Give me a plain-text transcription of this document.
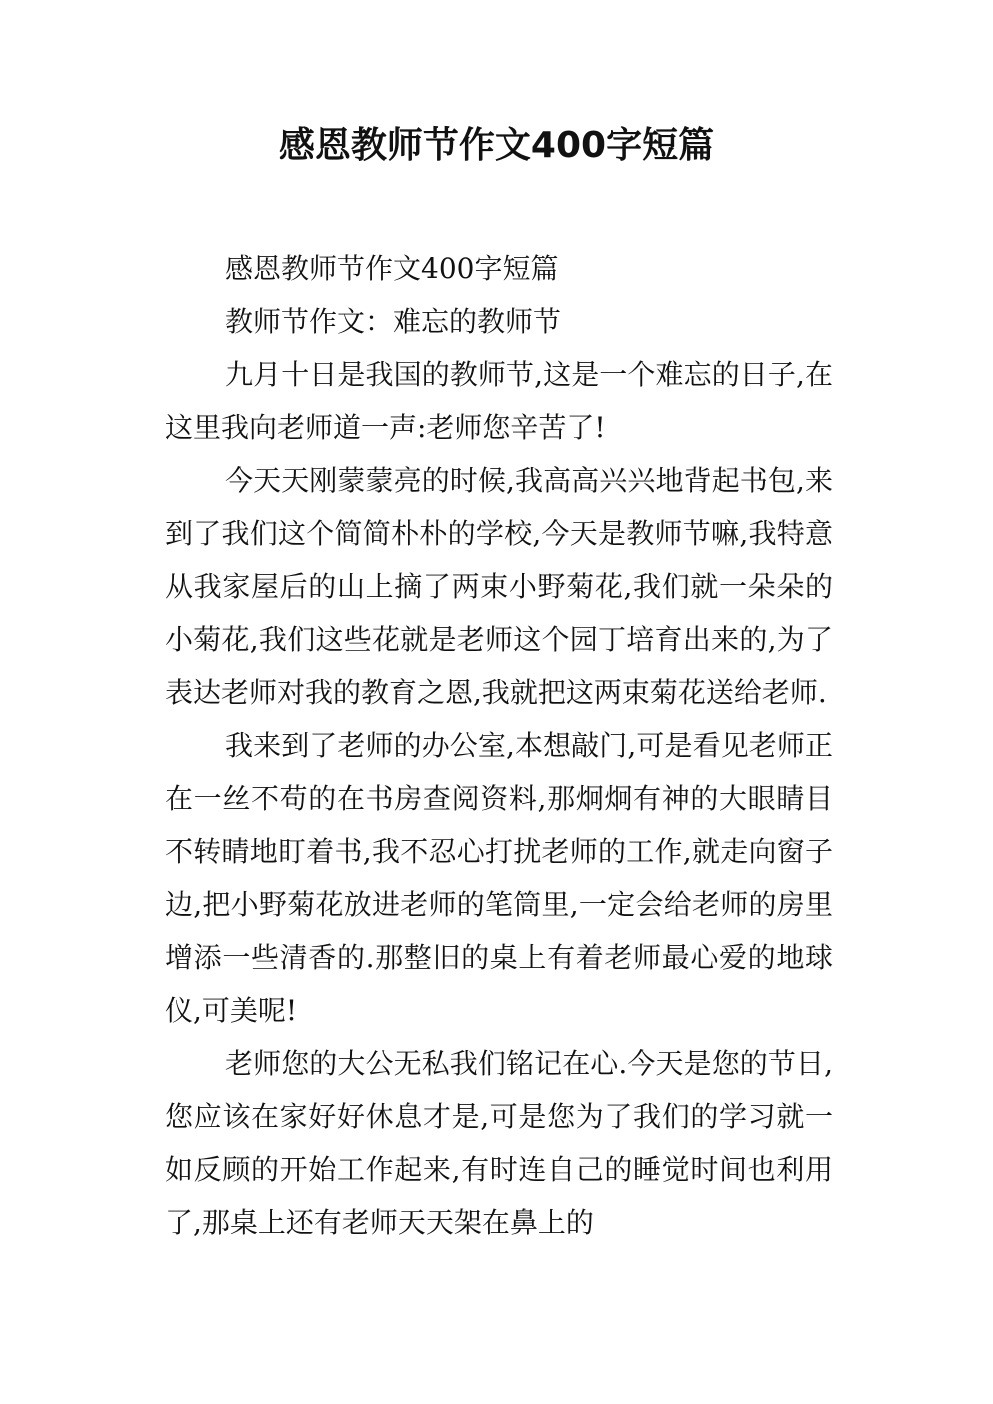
感恩教师节作文400字短篇

感恩教师节作文400字短篇

教师节作文：难忘的教师节

九月十日是我国的教师节,这是一个难忘的日子,在这里我向老师道一声:老师您辛苦了!

今天天刚蒙蒙亮的时候,我高高兴兴地背起书包,来到了我们这个简简朴朴的学校,今天是教师节嘛,我特意从我家屋后的山上摘了两束小野菊花,我们就一朵朵的小菊花,我们这些花就是老师这个园丁培育出来的,为了表达老师对我的教育之恩,我就把这两束菊花送给老师.

我来到了老师的办公室,本想敲门,可是看见老师正在一丝不苟的在书房查阅资料,那炯炯有神的大眼睛目不转睛地盯着书,我不忍心打扰老师的工作,就走向窗子边,把小野菊花放进老师的笔筒里,一定会给老师的房里增添一些清香的.那整旧的桌上有着老师最心爱的地球仪,可美呢!

老师您的大公无私我们铭记在心.今天是您的节日,您应该在家好好休息才是,可是您为了我们的学习就一如反顾的开始工作起来,有时连自己的睡觉时间也利用了,那桌上还有老师天天架在鼻上的
